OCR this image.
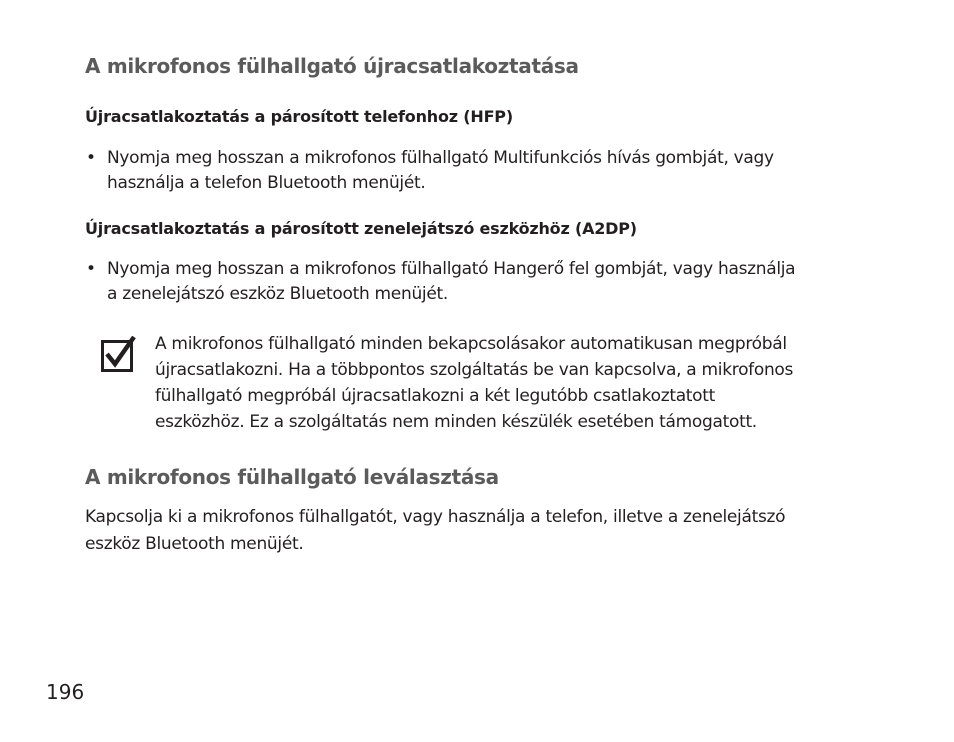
A mikrofonos fülhallgató újracsatlakoztatása
Újracsatlakoztatás a párosított telefonhoz (HFP)
• Nyomja meg hosszan a mikrofonos fülhallgató Multifunkciós hívás gombját, vagy
használja a telefon Bluetooth menüjét.
Újracsatlakoztatás a párosított zenelejátszó eszközhöz (A2DP)
• Nyomja meg hosszan a mikrofonos fülhallgató Hangerő fel gombját, vagy használja
a zenelejátszó eszköz Bluetooth menüjét.
A mikrofonos fülhallgató minden bekapcsolásakor automatikusan megpróbál
újracsatlakozni. Ha a többpontos szolgáltatás be van kapcsolva, a mikrofonos
fülhallgató megpróbál újracsatlakozni a két legutóbb csatlakoztatott
eszközhöz. Ez a szolgáltatás nem minden készülék esetében támogatott.
A mikrofonos fülhallgató leválasztása
Kapcsolja ki a mikrofonos fülhallgatót, vagy használja a telefon, illetve a zenelejátszó
eszköz Bluetooth menüjét.
196
